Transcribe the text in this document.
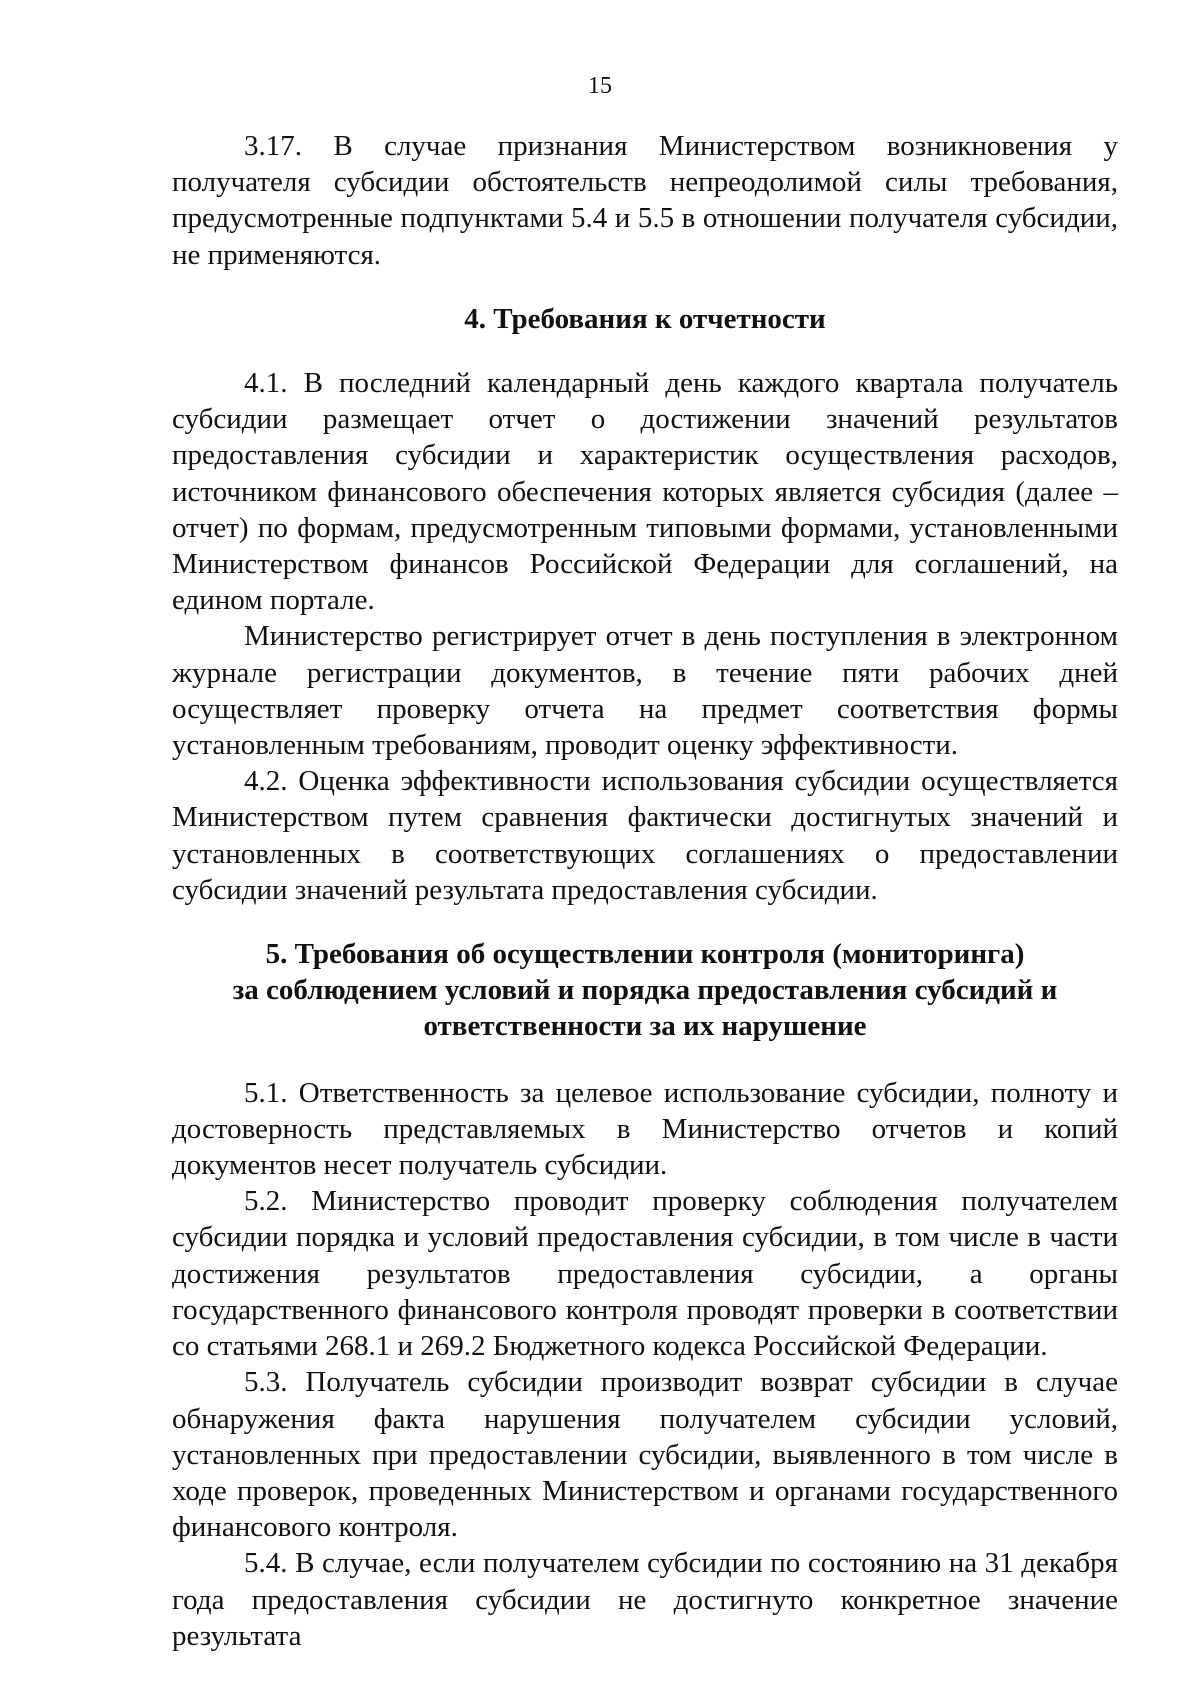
15

3.17. В случае признания Министерством возникновения у получателя субсидии обстоятельств непреодолимой силы требования, предусмотренные подпунктами 5.4 и 5.5 в отношении получателя субсидии, не применяются.

4. Требования к отчетности

4.1. В последний календарный день каждого квартала получатель субсидии размещает отчет о достижении значений результатов предоставления субсидии и характеристик осуществления расходов, источником финансового обеспечения которых является субсидия (далее – отчет) по формам, предусмотренным типовыми формами, установленными Министерством финансов Российской Федерации для соглашений, на едином портале.

Министерство регистрирует отчет в день поступления в электронном журнале регистрации документов, в течение пяти рабочих дней осуществляет проверку отчета на предмет соответствия формы установленным требованиям, проводит оценку эффективности.

4.2. Оценка эффективности использования субсидии осуществляется Министерством путем сравнения фактически достигнутых значений и установленных в соответствующих соглашениях о предоставлении субсидии значений результата предоставления субсидии.

5. Требования об осуществлении контроля (мониторинга)

за соблюдением условий и порядка предоставления субсидий и

ответственности за их нарушение

5.1. Ответственность за целевое использование субсидии, полноту и достоверность представляемых в Министерство отчетов и копий документов несет получатель субсидии.

5.2. Министерство проводит проверку соблюдения получателем субсидии порядка и условий предоставления субсидии, в том числе в части достижения результатов предоставления субсидии, а органы государственного финансового контроля проводят проверки в соответствии со статьями 268.1 и 269.2 Бюджетного кодекса Российской Федерации.

5.3. Получатель субсидии производит возврат субсидии в случае обнаружения факта нарушения получателем субсидии условий, установленных при предоставлении субсидии, выявленного в том числе в ходе проверок, проведенных Министерством и органами государственного финансового контроля.

5.4. В случае, если получателем субсидии по состоянию на 31 декабря года предоставления субсидии не достигнуто конкретное значение результата
